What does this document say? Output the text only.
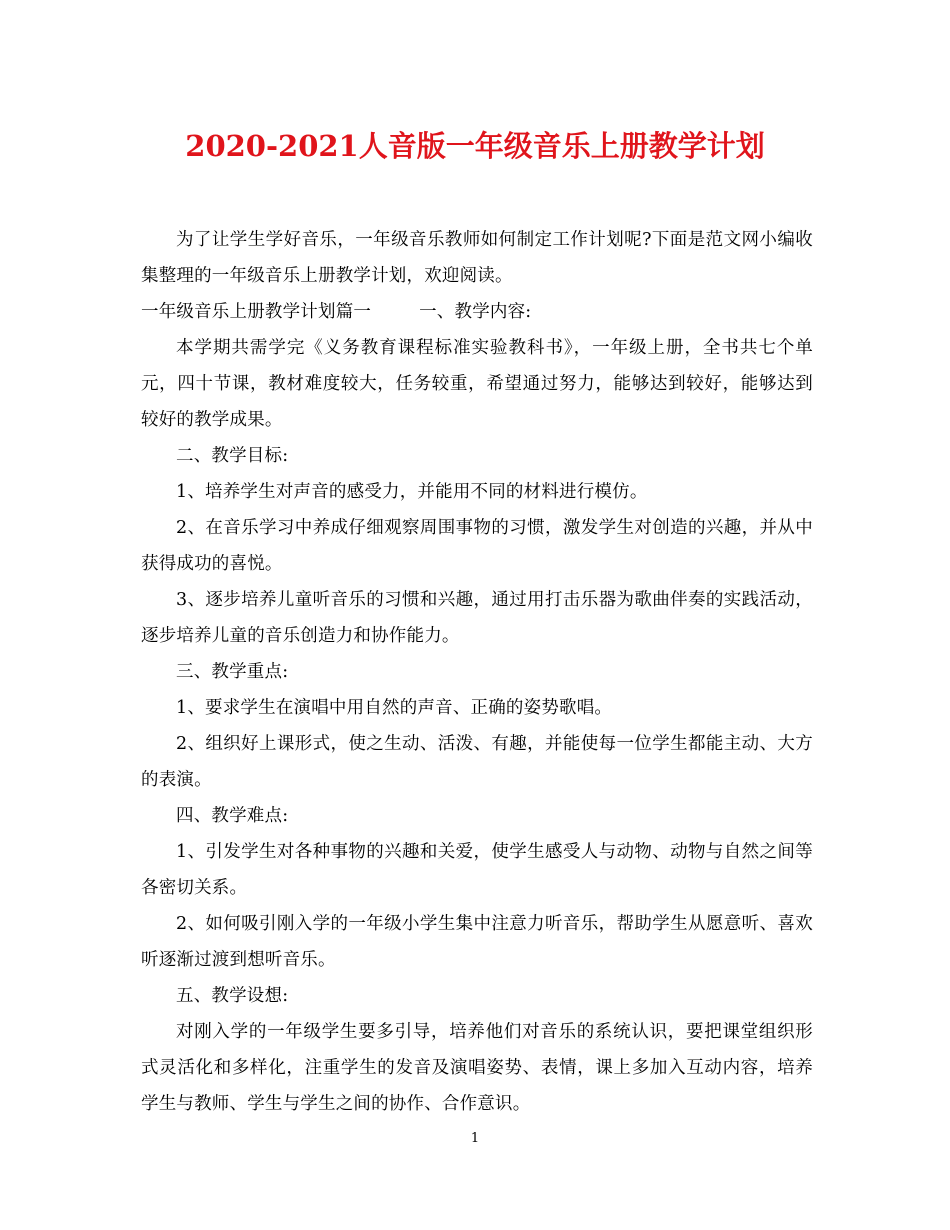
2020-2021人音版一年级音乐上册教学计划

为了让学生学好音乐，一年级音乐教师如何制定工作计划呢?下面是范文网小编收集整理的一年级音乐上册教学计划，欢迎阅读。

一年级音乐上册教学计划篇一	一、教学内容:

本学期共需学完《义务教育课程标准实验教科书》，一年级上册，全书共七个单元，四十节课，教材难度较大，任务较重，希望通过努力，能够达到较好，能够达到较好的教学成果。

二、教学目标:

1、培养学生对声音的感受力，并能用不同的材料进行模仿。

2、在音乐学习中养成仔细观察周围事物的习惯，激发学生对创造的兴趣，并从中获得成功的喜悦。

3、逐步培养儿童听音乐的习惯和兴趣，通过用打击乐器为歌曲伴奏的实践活动，逐步培养儿童的音乐创造力和协作能力。

三、教学重点:

1、要求学生在演唱中用自然的声音、正确的姿势歌唱。

2、组织好上课形式，使之生动、活泼、有趣，并能使每一位学生都能主动、大方的表演。

四、教学难点:

1、引发学生对各种事物的兴趣和关爱，使学生感受人与动物、动物与自然之间等各密切关系。

2、如何吸引刚入学的一年级小学生集中注意力听音乐，帮助学生从愿意听、喜欢听逐渐过渡到想听音乐。

五、教学设想:

对刚入学的一年级学生要多引导，培养他们对音乐的系统认识，要把课堂组织形式灵活化和多样化，注重学生的发音及演唱姿势、表情，课上多加入互动内容，培养学生与教师、学生与学生之间的协作、合作意识。

1
